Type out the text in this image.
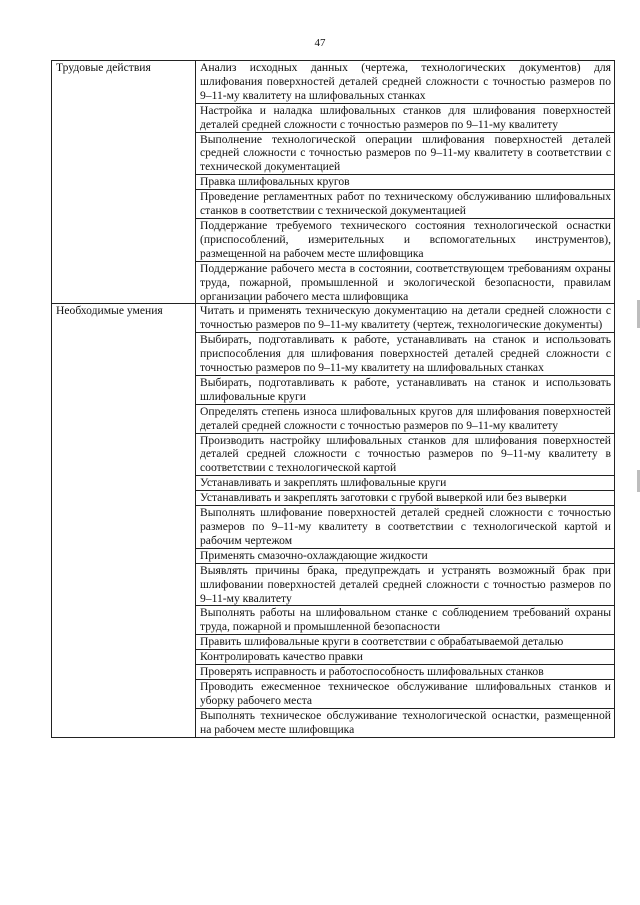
47
Трудовые действия	Анализ исходных данных (чертежа, технологических документов) для шлифования поверхностей деталей средней сложности с точностью размеров по 9–11-му квалитету на шлифовальных станках
	Настройка и наладка шлифовальных станков для шлифования поверхностей деталей средней сложности с точностью размеров по 9–11-му квалитету
	Выполнение технологической операции шлифования поверхностей деталей средней сложности с точностью размеров по 9–11-му квалитету в соответствии с технической документацией
	Правка шлифовальных кругов
	Проведение регламентных работ по техническому обслуживанию шлифовальных станков в соответствии с технической документацией
	Поддержание требуемого технического состояния технологической оснастки (приспособлений, измерительных и вспомогательных инструментов), размещенной на рабочем месте шлифовщика
	Поддержание рабочего места в состоянии, соответствующем требованиям охраны труда, пожарной, промышленной и экологической безопасности, правилам организации рабочего места шлифовщика
Необходимые умения	Читать и применять техническую документацию на детали средней сложности с точностью размеров по 9–11-му квалитету (чертеж, технологические документы)
	Выбирать, подготавливать к работе, устанавливать на станок и использовать приспособления для шлифования поверхностей деталей средней сложности с точностью размеров по 9–11-му квалитету на шлифовальных станках
	Выбирать, подготавливать к работе, устанавливать на станок и использовать шлифовальные круги
	Определять степень износа шлифовальных кругов для шлифования поверхностей деталей средней сложности с точностью размеров по 9–11-му квалитету
	Производить настройку шлифовальных станков для шлифования поверхностей деталей средней сложности с точностью размеров по 9–11-му квалитету в соответствии с технологической картой
	Устанавливать и закреплять шлифовальные круги
	Устанавливать и закреплять заготовки с грубой выверкой или без выверки
	Выполнять шлифование поверхностей деталей средней сложности с точностью размеров по 9–11-му квалитету в соответствии с технологической картой и рабочим чертежом
	Применять смазочно-охлаждающие жидкости
	Выявлять причины брака, предупреждать и устранять возможный брак при шлифовании поверхностей деталей средней сложности с точностью размеров по 9–11-му квалитету
	Выполнять работы на шлифовальном станке с соблюдением требований охраны труда, пожарной и промышленной безопасности
	Править шлифовальные круги в соответствии с обрабатываемой деталью
	Контролировать качество правки
	Проверять исправность и работоспособность шлифовальных станков
	Проводить ежесменное техническое обслуживание шлифовальных станков и уборку рабочего места
	Выполнять техническое обслуживание технологической оснастки, размещенной на рабочем месте шлифовщика
